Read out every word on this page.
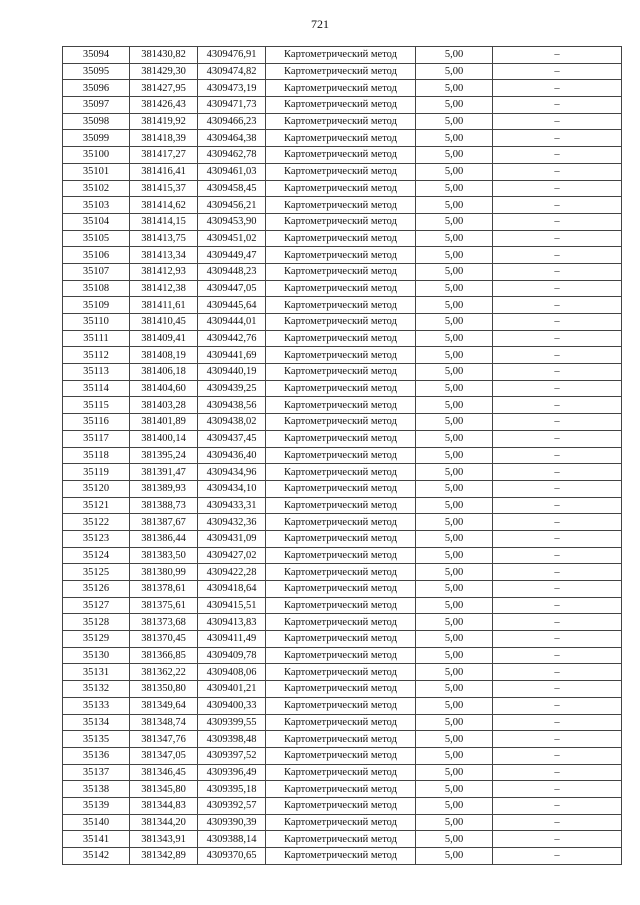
721
35094	381430,82	4309476,91	Картометрический метод	5,00	–
35095	381429,30	4309474,82	Картометрический метод	5,00	–
35096	381427,95	4309473,19	Картометрический метод	5,00	–
35097	381426,43	4309471,73	Картометрический метод	5,00	–
35098	381419,92	4309466,23	Картометрический метод	5,00	–
35099	381418,39	4309464,38	Картометрический метод	5,00	–
35100	381417,27	4309462,78	Картометрический метод	5,00	–
35101	381416,41	4309461,03	Картометрический метод	5,00	–
35102	381415,37	4309458,45	Картометрический метод	5,00	–
35103	381414,62	4309456,21	Картометрический метод	5,00	–
35104	381414,15	4309453,90	Картометрический метод	5,00	–
35105	381413,75	4309451,02	Картометрический метод	5,00	–
35106	381413,34	4309449,47	Картометрический метод	5,00	–
35107	381412,93	4309448,23	Картометрический метод	5,00	–
35108	381412,38	4309447,05	Картометрический метод	5,00	–
35109	381411,61	4309445,64	Картометрический метод	5,00	–
35110	381410,45	4309444,01	Картометрический метод	5,00	–
35111	381409,41	4309442,76	Картометрический метод	5,00	–
35112	381408,19	4309441,69	Картометрический метод	5,00	–
35113	381406,18	4309440,19	Картометрический метод	5,00	–
35114	381404,60	4309439,25	Картометрический метод	5,00	–
35115	381403,28	4309438,56	Картометрический метод	5,00	–
35116	381401,89	4309438,02	Картометрический метод	5,00	–
35117	381400,14	4309437,45	Картометрический метод	5,00	–
35118	381395,24	4309436,40	Картометрический метод	5,00	–
35119	381391,47	4309434,96	Картометрический метод	5,00	–
35120	381389,93	4309434,10	Картометрический метод	5,00	–
35121	381388,73	4309433,31	Картометрический метод	5,00	–
35122	381387,67	4309432,36	Картометрический метод	5,00	–
35123	381386,44	4309431,09	Картометрический метод	5,00	–
35124	381383,50	4309427,02	Картометрический метод	5,00	–
35125	381380,99	4309422,28	Картометрический метод	5,00	–
35126	381378,61	4309418,64	Картометрический метод	5,00	–
35127	381375,61	4309415,51	Картометрический метод	5,00	–
35128	381373,68	4309413,83	Картометрический метод	5,00	–
35129	381370,45	4309411,49	Картометрический метод	5,00	–
35130	381366,85	4309409,78	Картометрический метод	5,00	–
35131	381362,22	4309408,06	Картометрический метод	5,00	–
35132	381350,80	4309401,21	Картометрический метод	5,00	–
35133	381349,64	4309400,33	Картометрический метод	5,00	–
35134	381348,74	4309399,55	Картометрический метод	5,00	–
35135	381347,76	4309398,48	Картометрический метод	5,00	–
35136	381347,05	4309397,52	Картометрический метод	5,00	–
35137	381346,45	4309396,49	Картометрический метод	5,00	–
35138	381345,80	4309395,18	Картометрический метод	5,00	–
35139	381344,83	4309392,57	Картометрический метод	5,00	–
35140	381344,20	4309390,39	Картометрический метод	5,00	–
35141	381343,91	4309388,14	Картометрический метод	5,00	–
35142	381342,89	4309370,65	Картометрический метод	5,00	–
